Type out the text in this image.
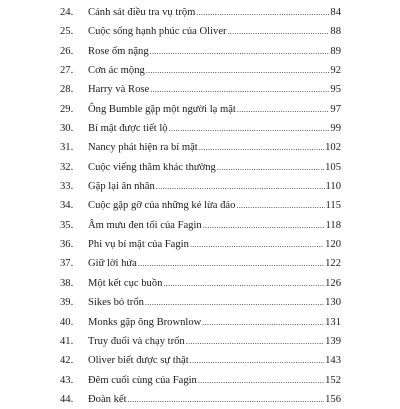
24.	Cảnh sát điều tra vụ trộm .....	84
25.	Cuộc sống hạnh phúc của Oliver .....	88
26.	Rose ốm nặng .....	89
27.	Cơn ác mộng .....	92
28.	Harry và Rose .....	95
29.	Ông Bumble gặp một người lạ mặt .....	97
30.	Bí mật được tiết lộ .....	99
31.	Nancy phát hiện ra bí mật .....	102
32.	Cuộc viếng thăm khác thường .....	105
33.	Gặp lại ân nhân .....	110
34.	Cuộc gặp gỡ của những kẻ lừa đảo .....	115
35.	Âm mưu đen tối của Fagin .....	118
36.	Phi vụ bí mật của Fagin .....	120
37.	Giữ lời hứa .....	122
38.	Một kết cục buồn .....	126
39.	Sikes bỏ trốn .....	130
40.	Monks gặp ông Brownlow .....	131
41.	Truy đuổi và chạy trốn .....	139
42.	Oliver biết được sự thật .....	143
43.	Đêm cuối cùng của Fagin .....	152
44.	Đoàn kết .....	156
